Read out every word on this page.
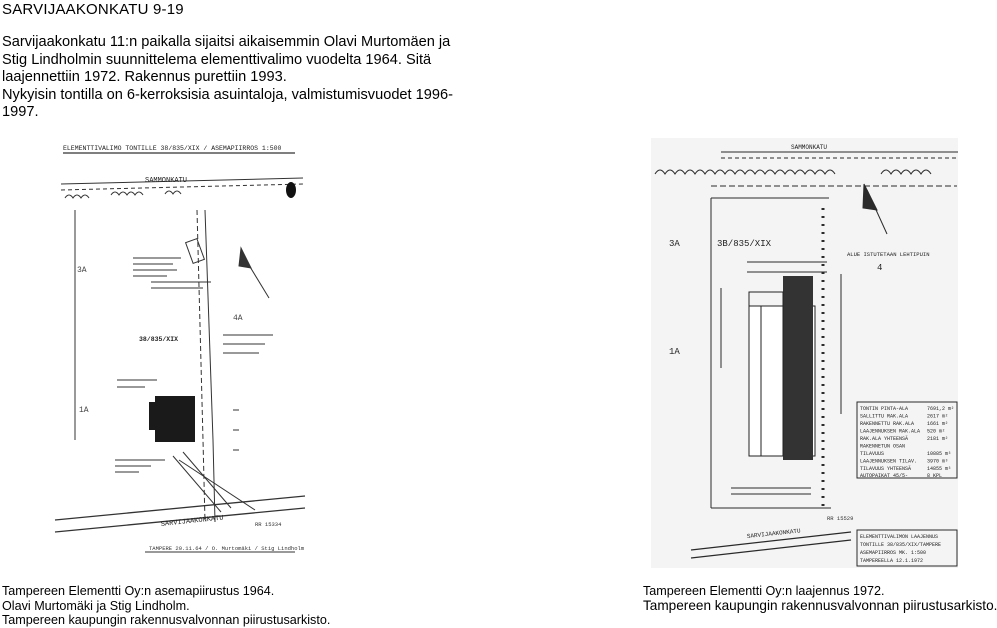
SARVIJAAKONKATU 9-19

Sarvijaakonkatu 11:n paikalla sijaitsi aikaisemmin Olavi Murtomäen ja Stig Lindholmin suunnittelema elementtivalimo vuodelta 1964. Sitä laajennettiin 1972. Rakennus purettiin 1993.

Nykyisin tontilla on 6-kerroksisia asuintaloja, valmistumisvuodet 1996-1997.

ELEMENTTIVALIMO TONTILLE 38/835/XIX / ASEMAPIIRROS 1:500
SAMMONKATU
3A
4A
1A
38/835/XIX
SARVIJAAKONKATU	RR 15334
TAMPERE 20.11.64 / O. Murtomäki / Stig Lindholm
SAMMONKATU
3B/835/XIX
3A
4
1A
ALUE ISTUTETAAN LEHTIPUIN
SARVIJAAKONKATU
RR 15529
TONTIN PINTA-ALA	7691,2 m²
SALLITTU RAK.ALA	2617 m²
RAKENNETTU RAK.ALA	1661 m²
LAAJENNUKSEN RAK.ALA 520 m²
RAK.ALA YHTEENSÄ	2181 m²
RAKENNETUN OSAN
TILAVUUS	10885 m³
LAAJENNUKSEN TILAV. 3970 m³
TILAVUUS YHTEENSÄ	14855 m³
AUTOPAIKAT 45/5-	8 KPL
ELEMENTTIVALIMON LAAJENNUS
TONTILLE 38/835/XIX/TAMPERE
ASEMAPIIRROS MK. 1:500
TAMPEREELLA 12.1.1972
Tampereen Elementti Oy:n asemapiirustus 1964.
Olavi Murtomäki ja Stig Lindholm.
Tampereen kaupungin rakennusvalvonnan piirustusarkisto.
Tampereen Elementti Oy:n laajennus 1972.
Tampereen kaupungin rakennusvalvonnan piirustusarkisto.
